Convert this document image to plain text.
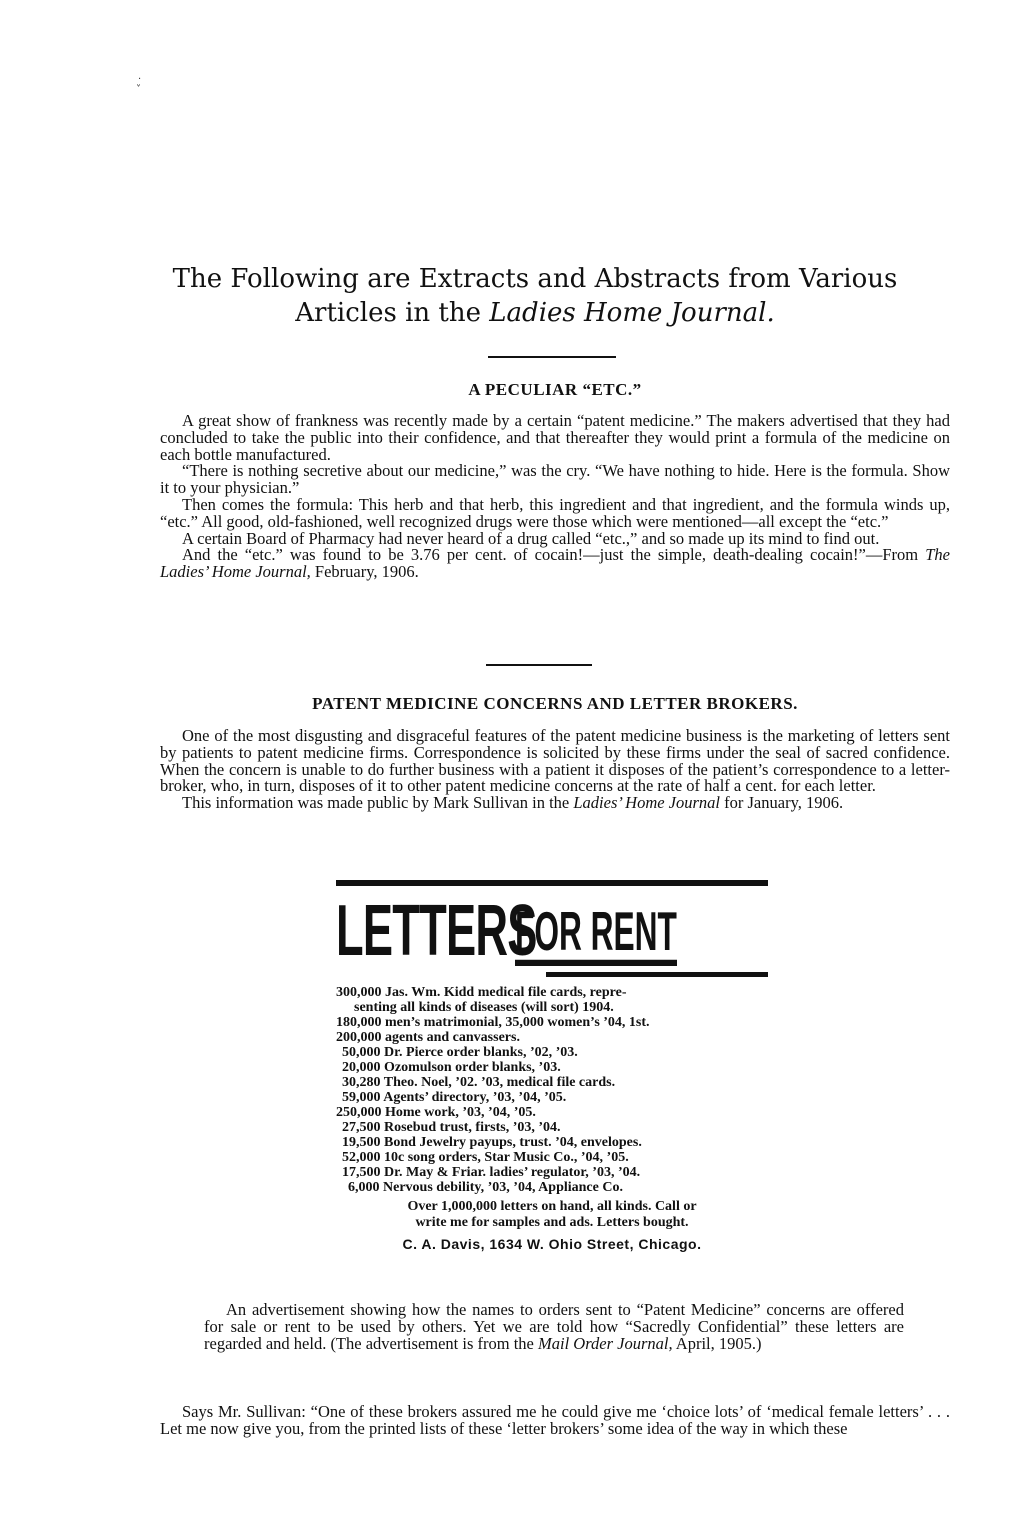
·
˅
The Following are Extracts and Abstracts from Various
Articles in the Ladies Home Journal.
A PECULIAR “ETC.”

A great show of frankness was recently made by a certain “patent medicine.” The makers advertised that they had concluded to take the public into their confidence, and that thereafter they would print a formula of the medicine on each bottle manufactured.

“There is nothing secretive about our medicine,” was the cry. “We have nothing to hide. Here is the formula. Show it to your physician.”

Then comes the formula: This herb and that herb, this ingredient and that ingredient, and the formula winds up, “etc.” All good, old-fashioned, well recognized drugs were those which were mentioned—all except the “etc.”

A certain Board of Pharmacy had never heard of a drug called “etc.,” and so made up its mind to find out.

And the “etc.” was found to be 3.76 per cent. of cocain!—just the simple, death-dealing cocain!”—From The Ladies’ Home Journal, February, 1906.

PATENT MEDICINE CONCERNS AND LETTER BROKERS.

One of the most disgusting and disgraceful features of the patent medicine business is the marketing of letters sent by patients to patent medicine firms. Correspondence is solicited by these firms under the seal of sacred confidence. When the concern is unable to do further business with a patient it disposes of the patient’s correspondence to a letter-broker, who, in turn, disposes of it to other patent medicine concerns at the rate of half a cent. for each letter.

This information was made public by Mark Sullivan in the Ladies’ Home Journal for January, 1906.

LETTERS
FOR RENT
300,000 Jas. Wm. Kidd medical file cards, repre-
senting all kinds of diseases (will sort) 1904.
180,000 men’s matrimonial, 35,000 women’s ’04, 1st.
200,000 agents and canvassers.
50,000 Dr. Pierce order blanks, ’02, ’03.
20,000 Ozomulson order blanks, ’03.
30,280 Theo. Noel, ’02. ’03, medical file cards.
59,000 Agents’ directory, ’03, ’04, ’05.
250,000 Home work, ’03, ’04, ’05.
27,500 Rosebud trust, firsts, ’03, ’04.
19,500 Bond Jewelry payups, trust. ’04, envelopes.
52,000 10c song orders, Star Music Co., ’04, ’05.
17,500 Dr. May & Friar. ladies’ regulator, ’03, ’04.
6,000 Nervous debility, ’03, ’04, Appliance Co.
Over 1,000,000 letters on hand, all kinds. Call or
write me for samples and ads. Letters bought.
C. A. Davis, 1634 W. Ohio Street, Chicago.

An advertisement showing how the names to orders sent to “Patent Medicine” concerns are offered for sale or rent to be used by others. Yet we are told how “Sacredly Confidential” these letters are regarded and held. (The advertisement is from the Mail Order Journal, April, 1905.)

Says Mr. Sullivan: “One of these brokers assured me he could give me ‘choice lots’ of ‘medical female letters’ . . . Let me now give you, from the printed lists of these ‘letter brokers’ some idea of the way in which these
